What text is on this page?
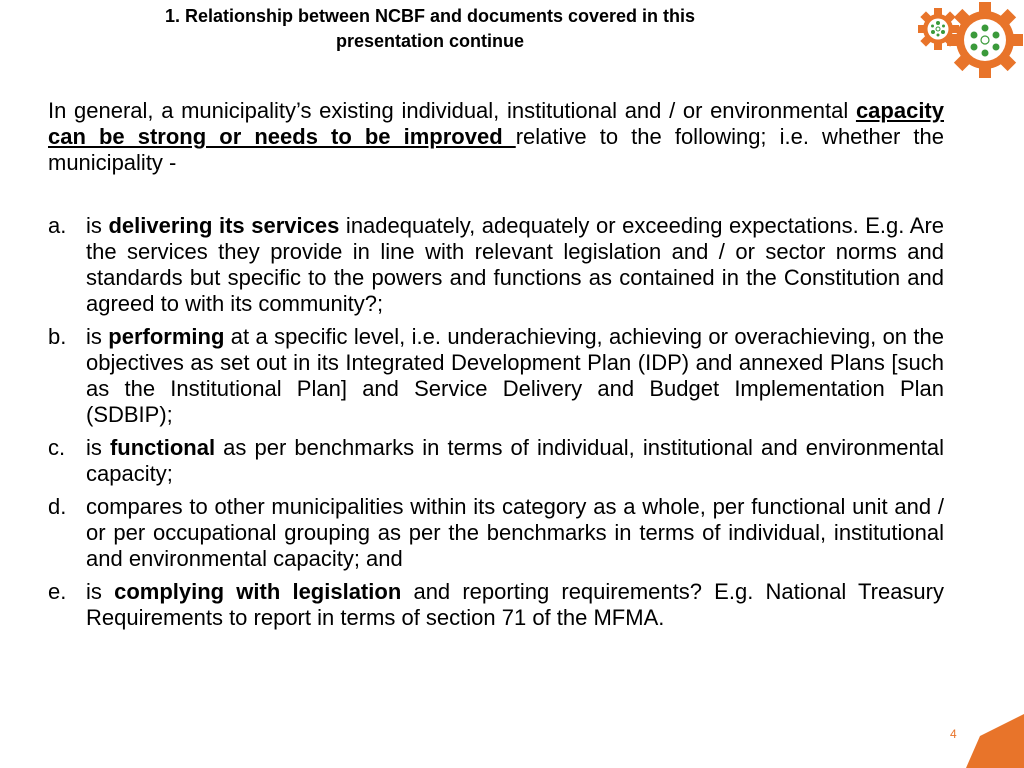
1. Relationship between NCBF and documents covered in this
presentation continue

In general, a municipality’s existing individual, institutional and / or environmental capacity can be strong or needs to be improved relative to the following; i.e. whether the municipality -

a. is delivering its services inadequately, adequately or exceeding expectations. E.g. Are the services they provide in line with relevant legislation and / or sector norms and standards but specific to the powers and functions as contained in the Constitution and agreed to with its community?;
b. is performing at a specific level, i.e. underachieving, achieving or overachieving, on the objectives as set out in its Integrated Development Plan (IDP) and annexed Plans [such as the Institutional Plan] and Service Delivery and Budget Implementation Plan (SDBIP);
c. is functional as per benchmarks in terms of individual, institutional and environmental capacity;
d. compares to other municipalities within its category as a whole, per functional unit and / or per occupational grouping as per the benchmarks in terms of individual, institutional and environmental capacity; and
e. is complying with legislation and reporting requirements? E.g. National Treasury Requirements to report in terms of section 71 of the MFMA.
4
